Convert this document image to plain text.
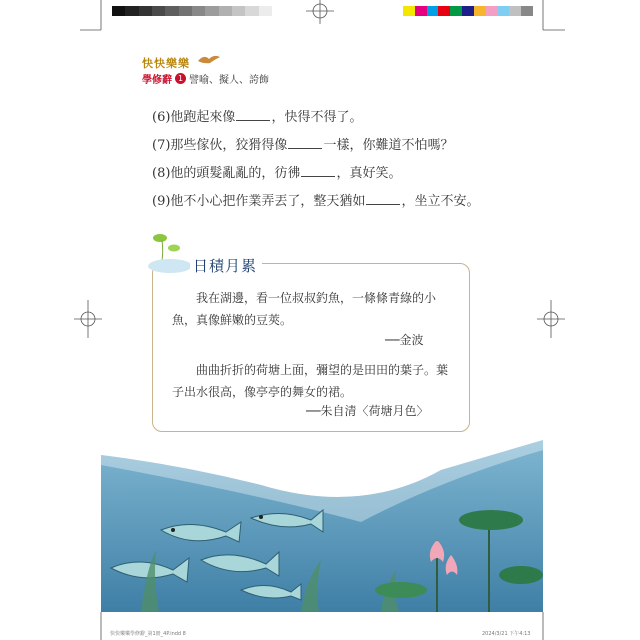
快快樂樂
學修辭 1 譬喻、擬人、誇飾
(6)他跑起來像	，快得不得了。
(7)那些傢伙，狡猾得像	一樣，你難道不怕嗎？
(8)他的頭髮亂亂的，彷彿	，真好笑。
(9)他不小心把作業弄丟了，整天猶如	，坐立不安。
日積月累
我在湖邊，看一位叔叔釣魚，一條條青綠的小魚，真像鮮嫩的豆莢。
──金波
曲曲折折的荷塘上面，彌望的是田田的葉子。葉子出水很高，像亭亭的舞女的裙。
──朱自清〈荷塘月色〉
快快樂樂學修辭_第1冊_4P.indd 8	2024/3/21 下午4:13
